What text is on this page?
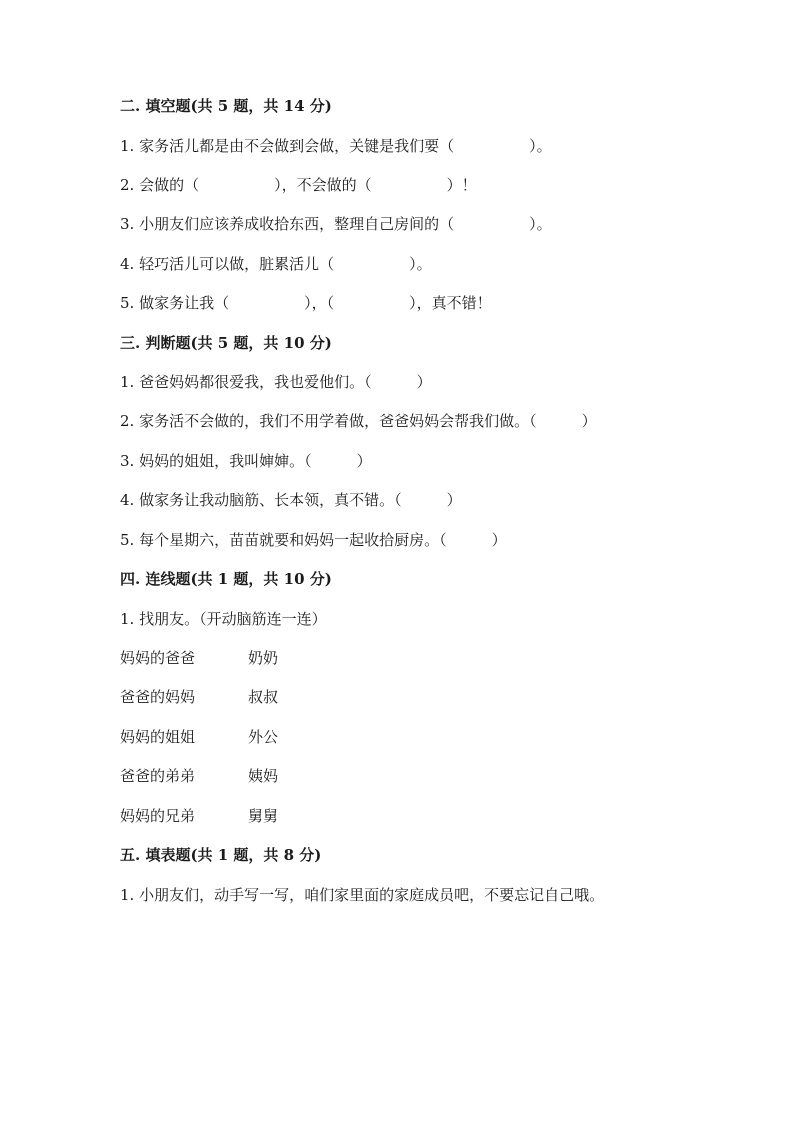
二. 填空题(共 5 题，共 14 分)
1. 家务活儿都是由不会做到会做，关键是我们要（　　　　　）。
2. 会做的（　　　　　），不会做的（　　　　　）！
3. 小朋友们应该养成收拾东西，整理自己房间的（　　　　　）。
4. 轻巧活儿可以做，脏累活儿（　　　　　）。
5. 做家务让我（　　　　　），（　　　　　），真不错！
三. 判断题(共 5 题，共 10 分)
1. 爸爸妈妈都很爱我，我也爱他们。（　　　）
2. 家务活不会做的，我们不用学着做，爸爸妈妈会帮我们做。（　　　）
3. 妈妈的姐姐，我叫婶婶。（　　　）
4. 做家务让我动脑筋、长本领，真不错。（　　　）
5. 每个星期六，苗苗就要和妈妈一起收拾厨房。（　　　）
四. 连线题(共 1 题，共 10 分)
1. 找朋友。（开动脑筋连一连）
妈妈的爸爸	奶奶
爸爸的妈妈	叔叔
妈妈的姐姐	外公
爸爸的弟弟	姨妈
妈妈的兄弟	舅舅
五. 填表题(共 1 题，共 8 分)
1. 小朋友们，动手写一写，咱们家里面的家庭成员吧，不要忘记自己哦。
